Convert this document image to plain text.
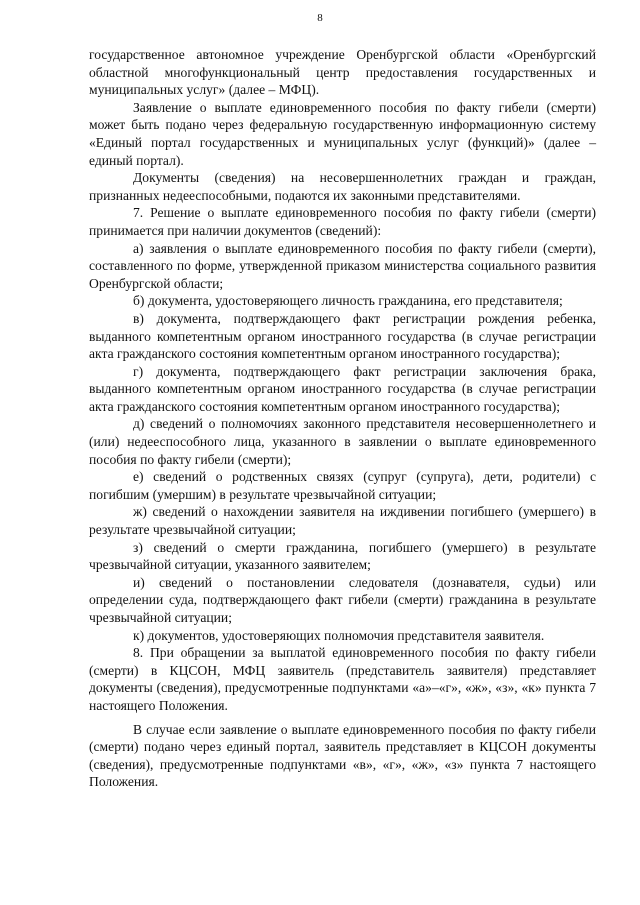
8

государственное автономное учреждение Оренбургской области «Оренбургский областной многофункциональный центр предоставления государственных и муниципальных услуг» (далее – МФЦ).

Заявление о выплате единовременного пособия по факту гибели (смерти) может быть подано через федеральную государственную информационную систему «Единый портал государственных и муниципальных услуг (функций)» (далее – единый портал).

Документы (сведения) на несовершеннолетних граждан и граждан, признанных недееспособными, подаются их законными представителями.

7. Решение о выплате единовременного пособия по факту гибели (смерти) принимается при наличии документов (сведений):

а) заявления о выплате единовременного пособия по факту гибели (смерти), составленного по форме, утвержденной приказом министерства социального развития Оренбургской области;

б) документа, удостоверяющего личность гражданина, его представителя;

в) документа, подтверждающего факт регистрации рождения ребенка, выданного компетентным органом иностранного государства (в случае регистрации акта гражданского состояния компетентным органом иностранного государства);

г) документа, подтверждающего факт регистрации заключения брака, выданного компетентным органом иностранного государства (в случае регистрации акта гражданского состояния компетентным органом иностранного государства);

д) сведений о полномочиях законного представителя несовершеннолетнего и (или) недееспособного лица, указанного в заявлении о выплате единовременного пособия по факту гибели (смерти);

е) сведений о родственных связях (супруг (супруга), дети, родители) с погибшим (умершим) в результате чрезвычайной ситуации;

ж) сведений о нахождении заявителя на иждивении погибшего (умершего) в результате чрезвычайной ситуации;

з) сведений о смерти гражданина, погибшего (умершего) в результате чрезвычайной ситуации, указанного заявителем;

и) сведений о постановлении следователя (дознавателя, судьи) или определении суда, подтверждающего факт гибели (смерти) гражданина в результате чрезвычайной ситуации;

к) документов, удостоверяющих полномочия представителя заявителя.

8. При обращении за выплатой единовременного пособия по факту гибели (смерти) в КЦСОН, МФЦ заявитель (представитель заявителя) представляет документы (сведения), предусмотренные подпунктами «а»–«г», «ж», «з», «к» пункта 7 настоящего Положения.

В случае если заявление о выплате единовременного пособия по факту гибели (смерти) подано через единый портал, заявитель представляет в КЦСОН документы (сведения), предусмотренные подпунктами «в», «г», «ж», «з» пункта 7 настоящего Положения.
